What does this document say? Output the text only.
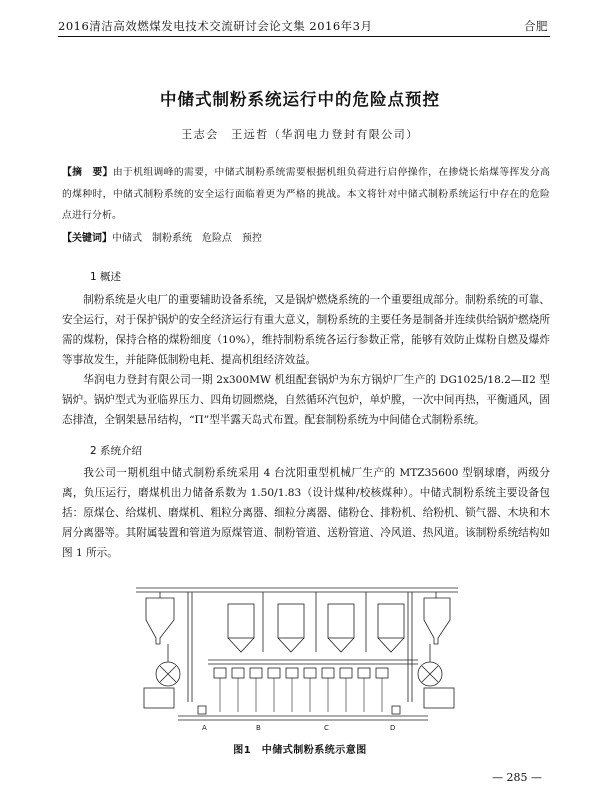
2016清洁高效燃煤发电技术交流研讨会论文集 2016年3月	合肥
中储式制粉系统运行中的危险点预控
王志会　王远哲（华润电力登封有限公司）
【摘　要】由于机组调峰的需要，中储式制粉系统需要根据机组负荷进行启停操作，在掺烧长焰煤等挥发分高的煤种时，中储式制粉系统的安全运行面临着更为严格的挑战。本文将针对中储式制粉系统运行中存在的危险点进行分析。
【关键词】中储式　制粉系统　危险点　预控
1 概述

制粉系统是火电厂的重要辅助设备系统，又是锅炉燃烧系统的一个重要组成部分。制粉系统的可靠、安全运行，对于保护锅炉的安全经济运行有重大意义，制粉系统的主要任务是制备并连续供给锅炉燃烧所需的煤粉，保持合格的煤粉细度（10%），维持制粉系统各运行参数正常，能够有效防止煤粉自燃及爆炸等事故发生，并能降低制粉电耗、提高机组经济效益。

华润电力登封有限公司一期 2x300MW 机组配套锅炉为东方锅炉厂生产的 DG1025/18.2—Ⅱ2 型锅炉。锅炉型式为亚临界压力、四角切圆燃烧，自然循环汽包炉，单炉膛，一次中间再热，平衡通风，固态排渣，全钢架悬吊结构，“Π”型半露天岛式布置。配套制粉系统为中间储仓式制粉系统。

2 系统介绍

我公司一期机组中储式制粉系统采用 4 台沈阳重型机械厂生产的 MTZ35600 型钢球磨，两级分离，负压运行，磨煤机出力储备系数为 1.50/1.83（设计煤种/校核煤种）。中储式制粉系统主要设备包括：原煤仓、给煤机、磨煤机、粗粒分离器、细粒分离器、储粉仓、排粉机、给粉机、锁气器、木块和木屑分离器等。其附属装置和管道为原煤管道、制粉管道、送粉管道、冷风道、热风道。该制粉系统结构如图 1 所示。

A	B	C	D
图1　中储式制粉系统示意图
— 285 —
